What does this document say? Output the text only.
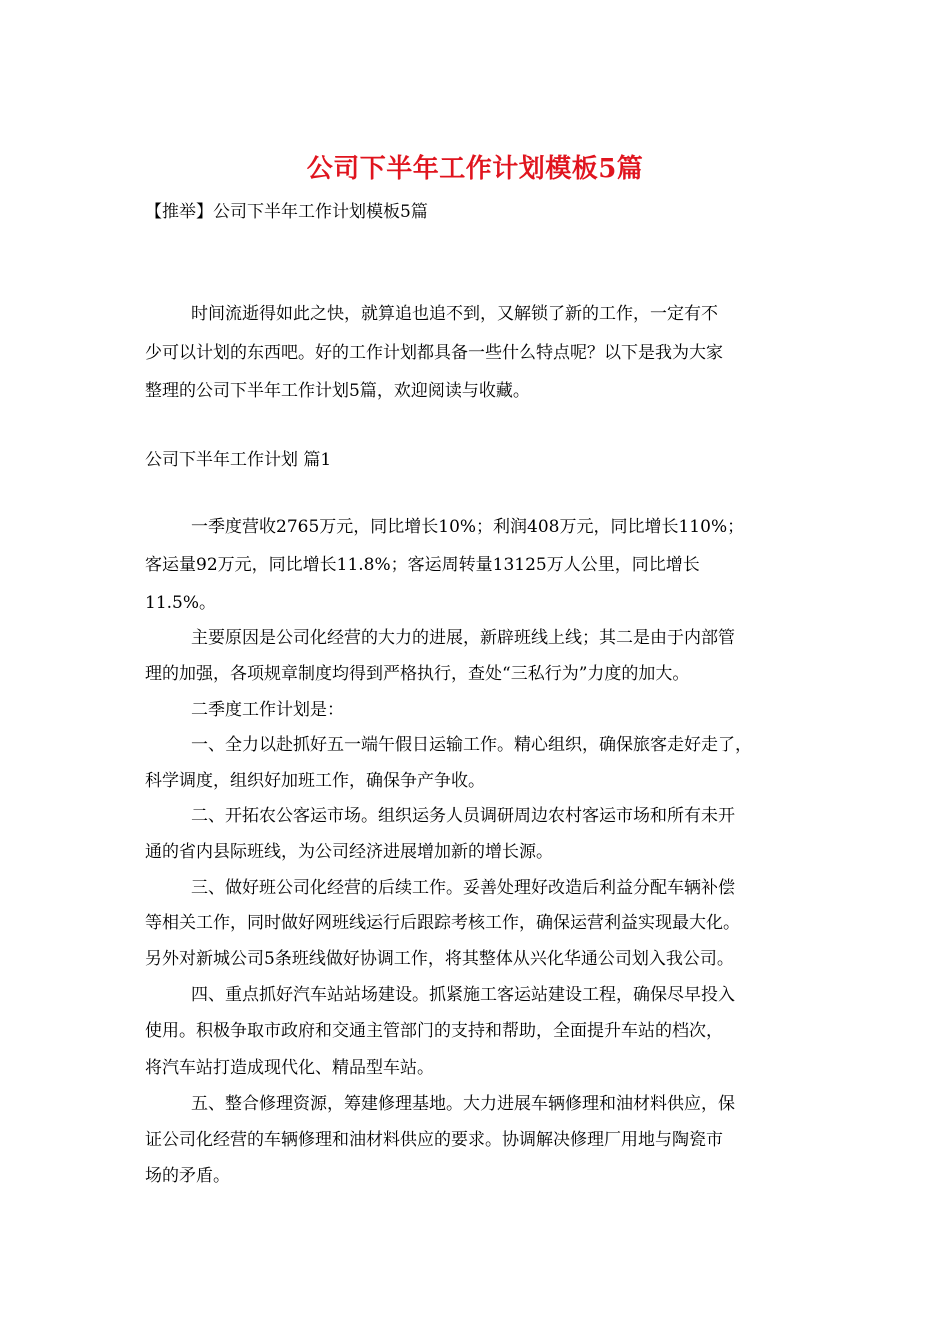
公司下半年工作计划模板5篇
【推举】公司下半年工作计划模板5篇
时间流逝得如此之快，就算追也追不到，又解锁了新的工作，一定有不
少可以计划的东西吧。好的工作计划都具备一些什么特点呢？以下是我为大家
整理的公司下半年工作计划5篇，欢迎阅读与收藏。
公司下半年工作计划 篇1
一季度营收2765万元，同比增长10%；利润408万元，同比增长110%；
客运量92万元，同比增长11.8%；客运周转量13125万人公里，同比增长
11.5%。
主要原因是公司化经营的大力的进展，新辟班线上线；其二是由于内部管
理的加强，各项规章制度均得到严格执行，查处“三私行为”力度的加大。
二季度工作计划是：
一、全力以赴抓好五一端午假日运输工作。精心组织，确保旅客走好走了，
科学调度，组织好加班工作，确保争产争收。
二、开拓农公客运市场。组织运务人员调研周边农村客运市场和所有未开
通的省内县际班线，为公司经济进展增加新的增长源。
三、做好班公司化经营的后续工作。妥善处理好改造后利益分配车辆补偿
等相关工作，同时做好网班线运行后跟踪考核工作，确保运营利益实现最大化。
另外对新城公司5条班线做好协调工作，将其整体从兴化华通公司划入我公司。
四、重点抓好汽车站站场建设。抓紧施工客运站建设工程，确保尽早投入
使用。积极争取市政府和交通主管部门的支持和帮助，全面提升车站的档次，
将汽车站打造成现代化、精品型车站。
五、整合修理资源，筹建修理基地。大力进展车辆修理和油材料供应，保
证公司化经营的车辆修理和油材料供应的要求。协调解决修理厂用地与陶瓷市
场的矛盾。
